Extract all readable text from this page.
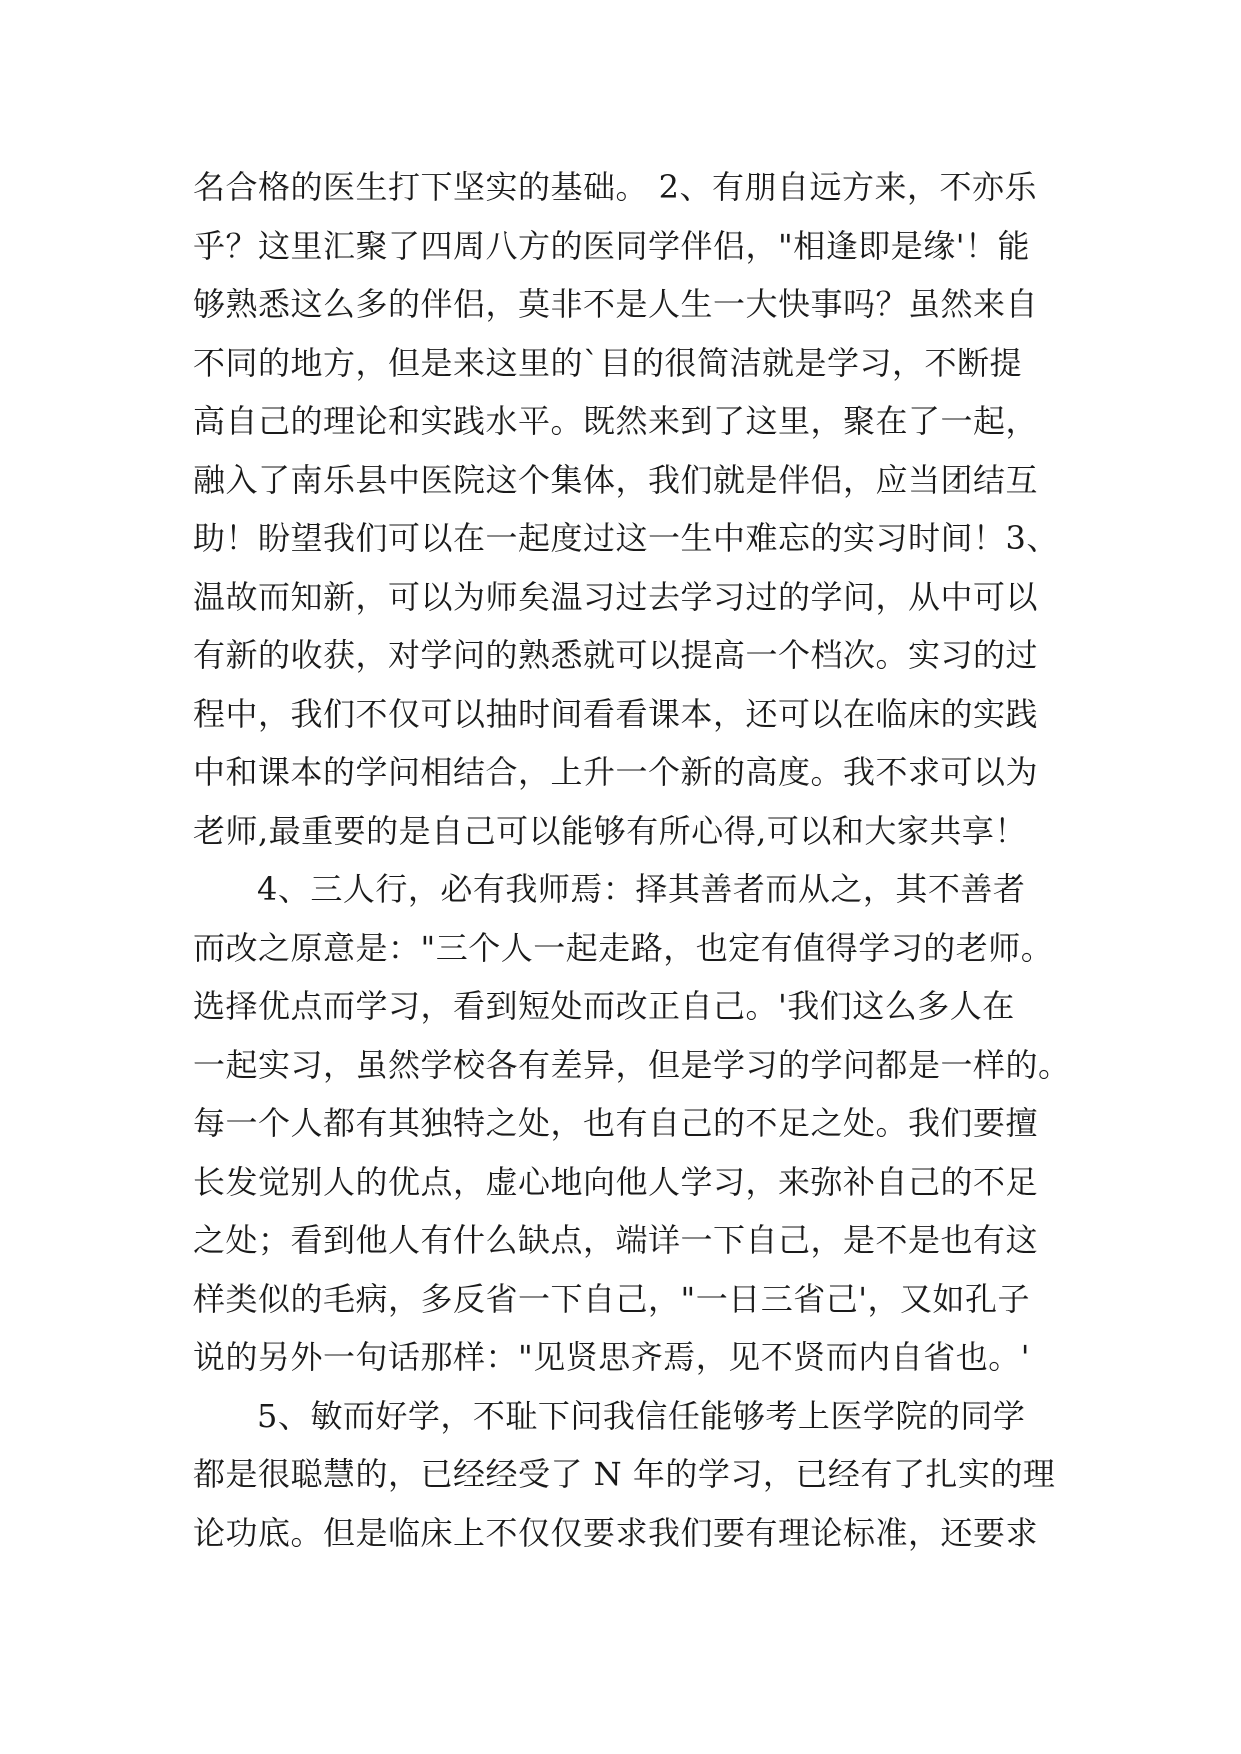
名合格的医生打下坚实的基础。 2、有朋自远方来，不亦乐
乎？这里汇聚了四周八方的医同学伴侣，"相逢即是缘'！能
够熟悉这么多的伴侣，莫非不是人生一大快事吗？虽然来自
不同的地方，但是来这里的`目的很简洁就是学习，不断提
高自己的理论和实践水平。既然来到了这里，聚在了一起，
融入了南乐县中医院这个集体，我们就是伴侣，应当团结互
助！盼望我们可以在一起度过这一生中难忘的实习时间！3、
温故而知新，可以为师矣温习过去学习过的学问，从中可以
有新的收获，对学问的熟悉就可以提高一个档次。实习的过
程中，我们不仅可以抽时间看看课本，还可以在临床的实践
中和课本的学问相结合，上升一个新的高度。我不求可以为
老师,最重要的是自己可以能够有所心得,可以和大家共享！
4、三人行，必有我师焉：择其善者而从之，其不善者
而改之原意是："三个人一起走路，也定有值得学习的老师。
选择优点而学习，看到短处而改正自己。'我们这么多人在
一起实习，虽然学校各有差异，但是学习的学问都是一样的。
每一个人都有其独特之处，也有自己的不足之处。我们要擅
长发觉别人的优点，虚心地向他人学习，来弥补自己的不足
之处；看到他人有什么缺点，端详一下自己，是不是也有这
样类似的毛病，多反省一下自己，"一日三省己'，又如孔子
说的另外一句话那样："见贤思齐焉，见不贤而内自省也。'
5、敏而好学，不耻下问我信任能够考上医学院的同学
都是很聪慧的，已经经受了 N 年的学习，已经有了扎实的理
论功底。但是临床上不仅仅要求我们要有理论标准，还要求
